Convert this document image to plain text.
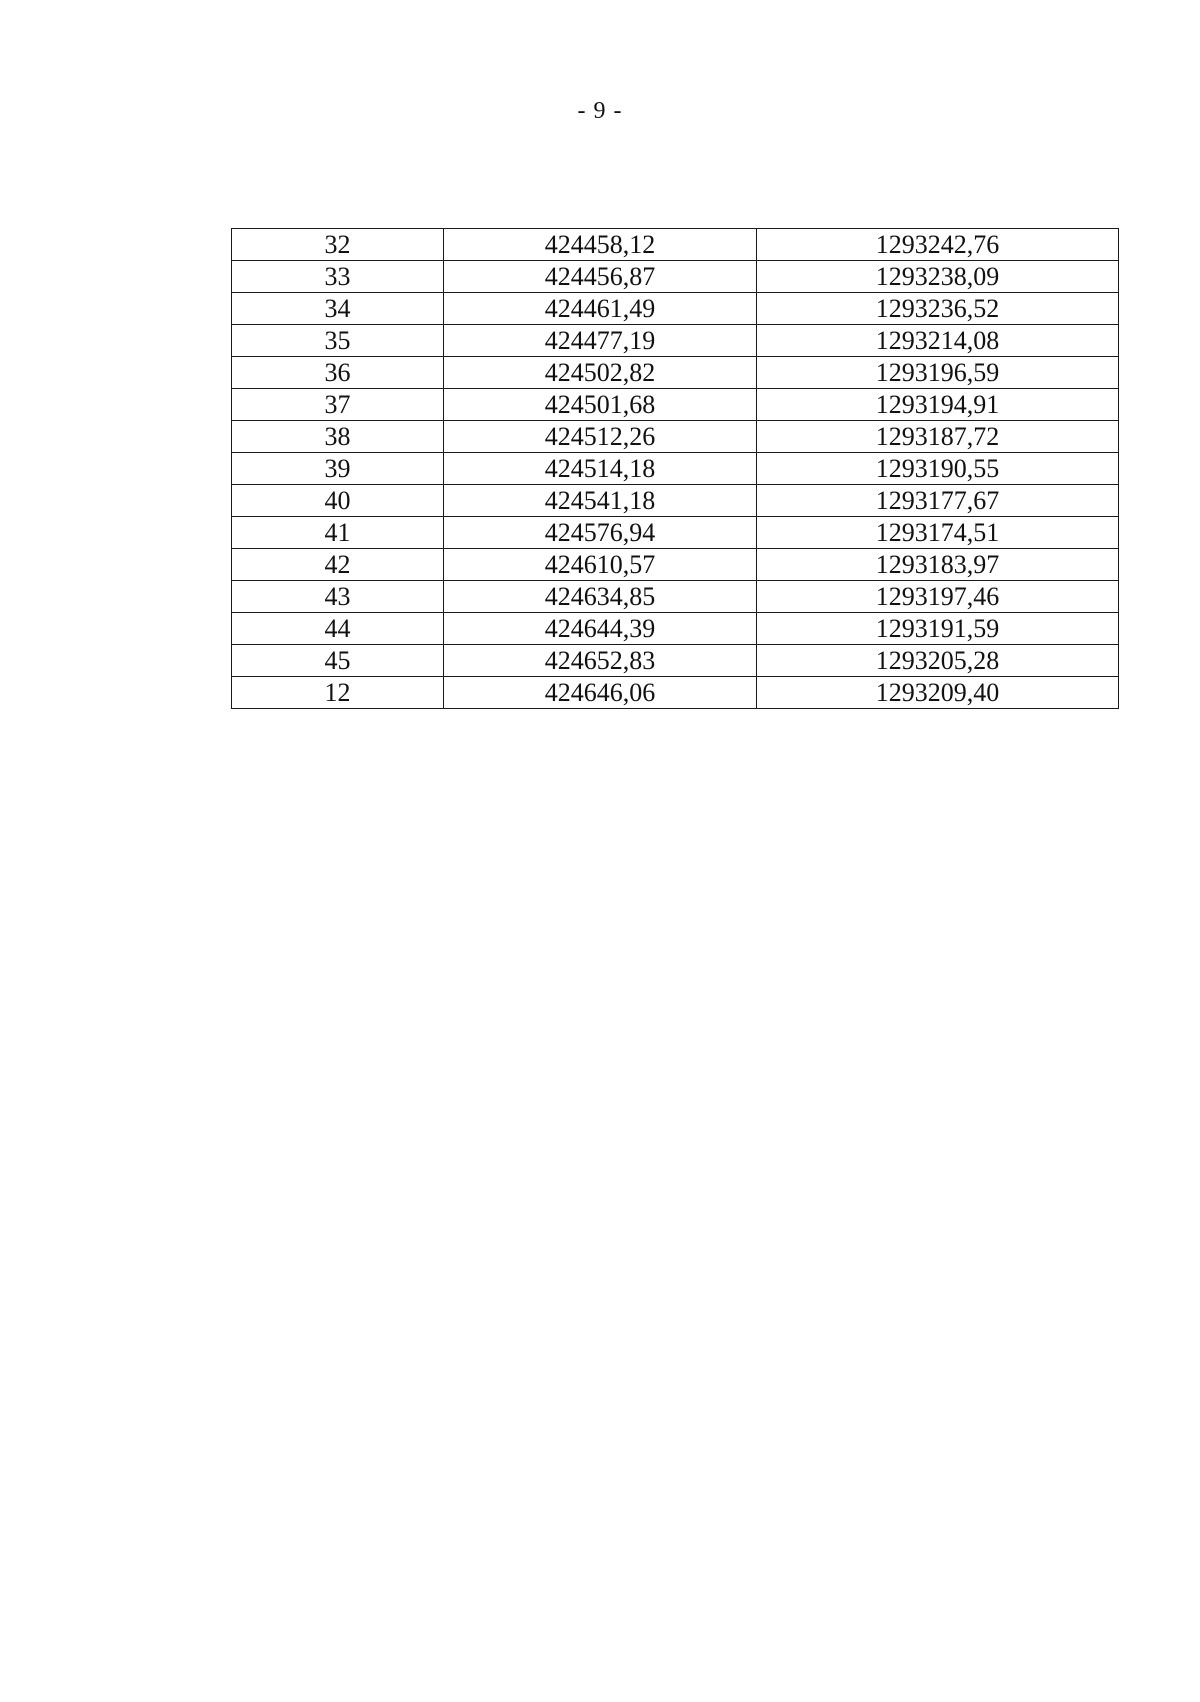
- 9 -
32	424458,12	1293242,76
33	424456,87	1293238,09
34	424461,49	1293236,52
35	424477,19	1293214,08
36	424502,82	1293196,59
37	424501,68	1293194,91
38	424512,26	1293187,72
39	424514,18	1293190,55
40	424541,18	1293177,67
41	424576,94	1293174,51
42	424610,57	1293183,97
43	424634,85	1293197,46
44	424644,39	1293191,59
45	424652,83	1293205,28
12	424646,06	1293209,40
